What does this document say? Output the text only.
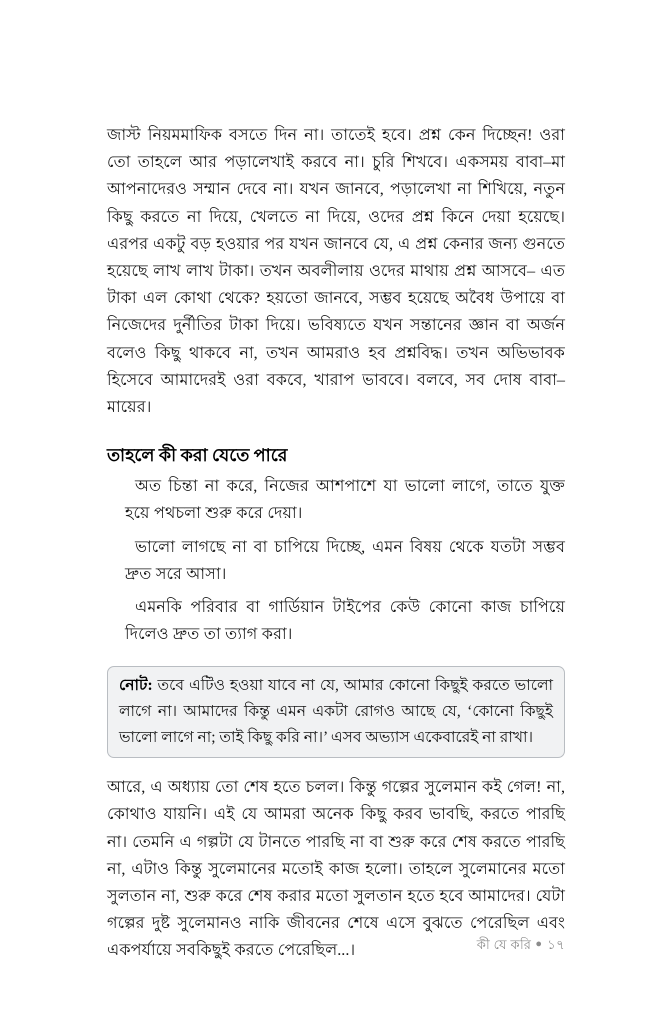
জাস্ট নিয়মমাফিক বসতে দিন না। তাতেই হবে। প্রশ্ন কেন দিচ্ছেন! ওরা তো তাহলে আর পড়ালেখাই করবে না। চুরি শিখবে। একসময় বাবা–মা আপনাদেরও সম্মান দেবে না। যখন জানবে, পড়ালেখা না শিখিয়ে, নতুন কিছু করতে না দিয়ে, খেলতে না দিয়ে, ওদের প্রশ্ন কিনে দেয়া হয়েছে। এরপর একটু বড় হওয়ার পর যখন জানবে যে, এ প্রশ্ন কেনার জন্য গুনতে হয়েছে লাখ লাখ টাকা। তখন অবলীলায় ওদের মাথায় প্রশ্ন আসবে– এত টাকা এল কোথা থেকে? হয়তো জানবে, সম্ভব হয়েছে অবৈধ উপায়ে বা নিজেদের দুর্নীতির টাকা দিয়ে। ভবিষ্যতে যখন সন্তানের জ্ঞান বা অর্জন বলেও কিছু থাকবে না, তখন আমরাও হব প্রশ্নবিদ্ধ। তখন অভিভাবক হিসেবে আমাদেরই ওরা বকবে, খারাপ ভাববে। বলবে, সব দোষ বাবা–মায়ের।

তাহলে কী করা যেতে পারে
অত চিন্তা না করে, নিজের আশপাশে যা ভালো লাগে, তাতে যুক্ত হয়ে পথচলা শুরু করে দেয়া।
ভালো লাগছে না বা চাপিয়ে দিচ্ছে, এমন বিষয় থেকে যতটা সম্ভব দ্রুত সরে আসা।
এমনকি পরিবার বা গার্ডিয়ান টাইপের কেউ কোনো কাজ চাপিয়ে দিলেও দ্রুত তা ত্যাগ করা।

নোট: তবে এটিও হওয়া যাবে না যে, আমার কোনো কিছুই করতে ভালো লাগে না। আমাদের কিন্তু এমন একটা রোগও আছে যে, ‘কোনো কিছুই ভালো লাগে না; তাই কিছু করি না।’ এসব অভ্যাস একেবারেই না রাখা।

আরে, এ অধ্যায় তো শেষ হতে চলল। কিন্তু গল্পের সুলেমান কই গেল! না, কোথাও যায়নি। এই যে আমরা অনেক কিছু করব ভাবছি, করতে পারছি না। তেমনি এ গল্পটা যে টানতে পারছি না বা শুরু করে শেষ করতে পারছি না, এটাও কিন্তু সুলেমানের মতোই কাজ হলো। তাহলে সুলেমানের মতো সুলতান না, শুরু করে শেষ করার মতো সুলতান হতে হবে আমাদের। যেটা গল্পের দুষ্ট সুলেমানও নাকি জীবনের শেষে এসে বুঝতে পেরেছিল এবং একপর্যায়ে সবকিছুই করতে পেরেছিল...।	কী যে করি ● ১৭
